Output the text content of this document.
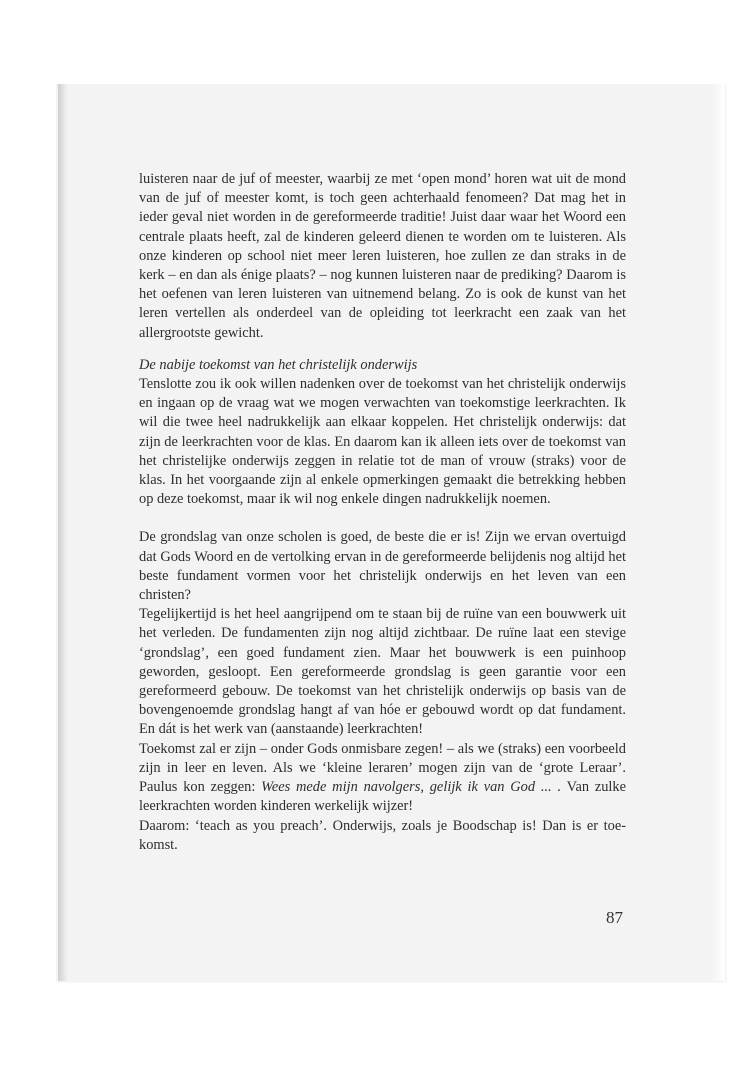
luisteren naar de juf of meester, waarbij ze met ‘open mond’ horen wat uit de mond van de juf of meester komt, is toch geen achterhaald fenomeen? Dat mag het in ieder geval niet worden in de gereformeerde traditie! Juist daar waar het Woord een centrale plaats heeft, zal de kinderen geleerd dienen te worden om te luisteren. Als onze kinderen op school niet meer leren luisteren, hoe zullen ze dan straks in de kerk – en dan als énige plaats? – nog kunnen luisteren naar de prediking? Daarom is het oefenen van leren luisteren van uitnemend belang. Zo is ook de kunst van het leren vertellen als onderdeel van de opleiding tot leerkracht een zaak van het allergrootste gewicht.

De nabije toekomst van het christelijk onderwijs

Tenslotte zou ik ook willen nadenken over de toekomst van het christelijk onderwijs en ingaan op de vraag wat we mogen verwachten van toekomstige leerkrachten. Ik wil die twee heel nadrukkelijk aan elkaar koppelen. Het christelijk onderwijs: dat zijn de leerkrachten voor de klas. En daarom kan ik alleen iets over de toekomst van het christelijke onderwijs zeggen in relatie tot de man of vrouw (straks) voor de klas. In het voorgaande zijn al enkele opmerkingen gemaakt die betrekking hebben op deze toekomst, maar ik wil nog enkele dingen nadrukkelijk noemen.

De grondslag van onze scholen is goed, de beste die er is! Zijn we ervan overtuigd dat Gods Woord en de vertolking ervan in de gereformeerde belijdenis nog altijd het beste fundament vormen voor het christelijk onderwijs en het leven van een christen?

Tegelijkertijd is het heel aangrijpend om te staan bij de ruïne van een bouwwerk uit het verleden. De fundamenten zijn nog altijd zichtbaar. De ruïne laat een stevige ‘grondslag’, een goed fundament zien. Maar het bouwwerk is een puinhoop geworden, gesloopt. Een gereformeerde grondslag is geen garantie voor een gereformeerd gebouw. De toekomst van het christelijk onderwijs op basis van de bovengenoemde grondslag hangt af van hóe er gebouwd wordt op dat fundament. En dát is het werk van (aanstaande) leerkrachten!

Toekomst zal er zijn – onder Gods onmisbare zegen! – als we (straks) een voorbeeld zijn in leer en leven. Als we ‘kleine leraren’ mogen zijn van de ‘grote Leraar’. Paulus kon zeggen: Wees mede mijn navolgers, gelijk ik van God ... . Van zulke leerkrachten worden kinderen werkelijk wijzer!

Daarom: ‘teach as you preach’. Onderwijs, zoals je Boodschap is! Dan is er toekomst.

87
